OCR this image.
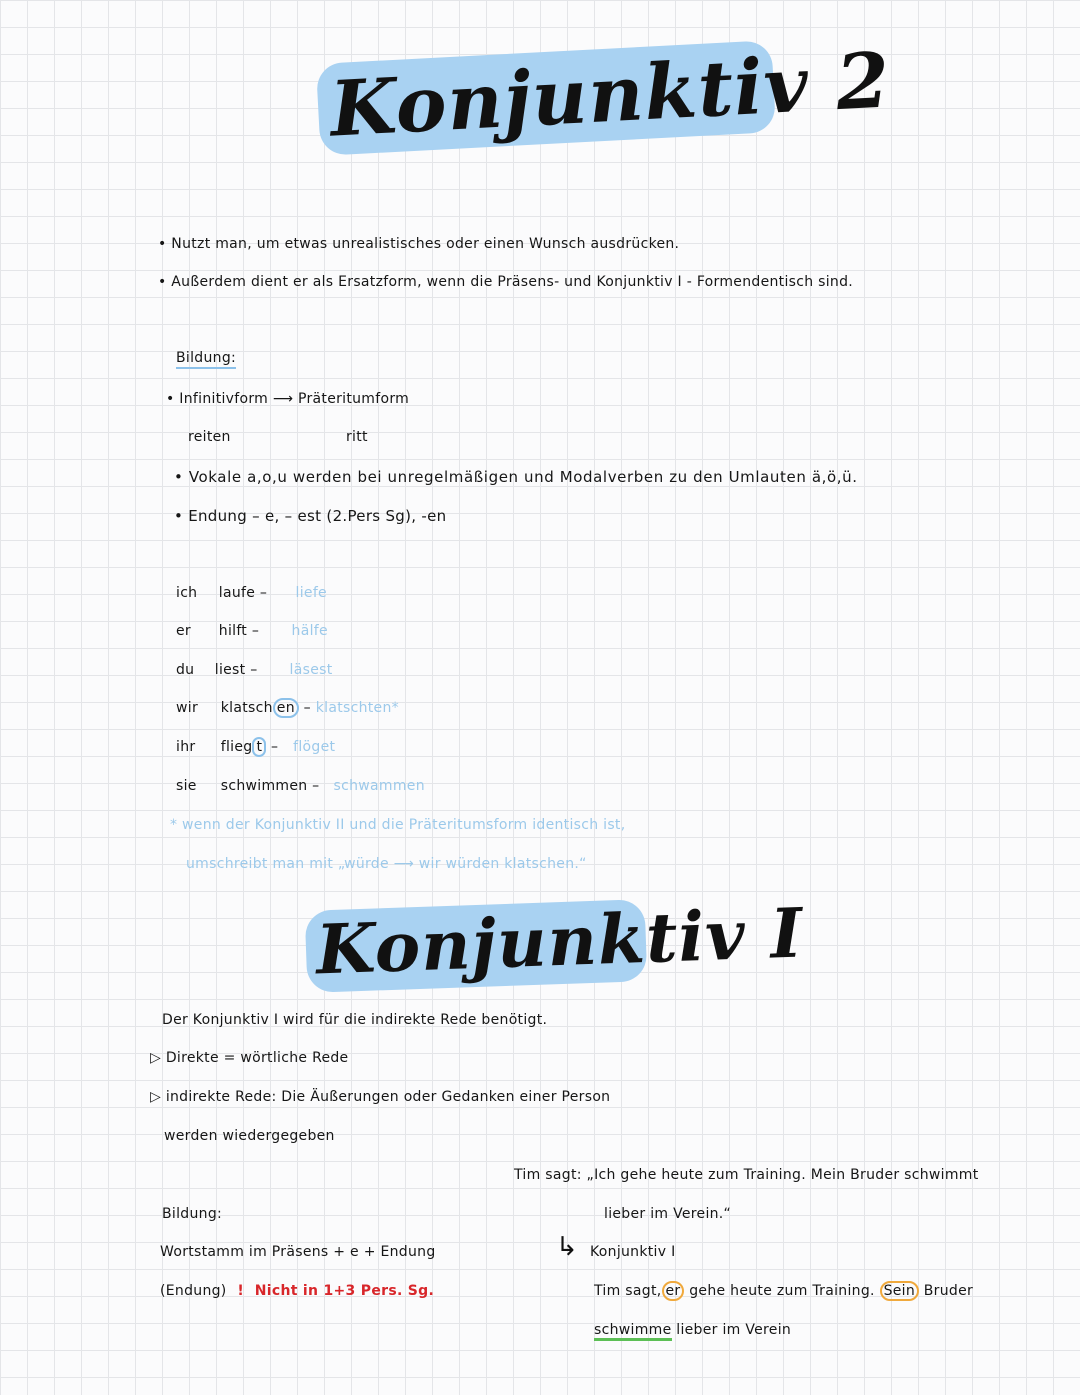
Konjunktiv 2
• Nutzt man, um etwas unrealistisches oder einen Wunsch ausdrücken.
• Außerdem dient er als Ersatzform, wenn die Präsens- und Konjunktiv I - Formendentisch sind.
Bildung:
• Infinitivform ⟶ Präteritumform
reiten	ritt
• Vokale a,o,u werden bei unregelmäßigen und Modalverben zu den Umlauten ä,ö,ü.
• Endung – e, – est (2.Pers Sg), -en
ich laufe – liefe
er hilft – hälfe
du liest – läsest
wir klatsch en – klatschten*
ihr flieg t – flöget
sie schwimmen – schwammen
* wenn der Konjunktiv II und die Präteritumsform identisch ist,
umschreibt man mit „würde ⟶ wir würden klatschen.“
Konjunktiv I
Der Konjunktiv I wird für die indirekte Rede benötigt.
▷ Direkte = wörtliche Rede
▷ indirekte Rede: Die Äußerungen oder Gedanken einer Person
werden wiedergegeben
Bildung:
Wortstamm im Präsens + e + Endung
(Endung) ! Nicht in 1+3 Pers. Sg.
Tim sagt: „Ich gehe heute zum Training. Mein Bruder schwimmt
lieber im Verein.“
↳ Konjunktiv I
Tim sagt, er gehe heute zum Training. Sein Bruder
schwimme lieber im Verein
